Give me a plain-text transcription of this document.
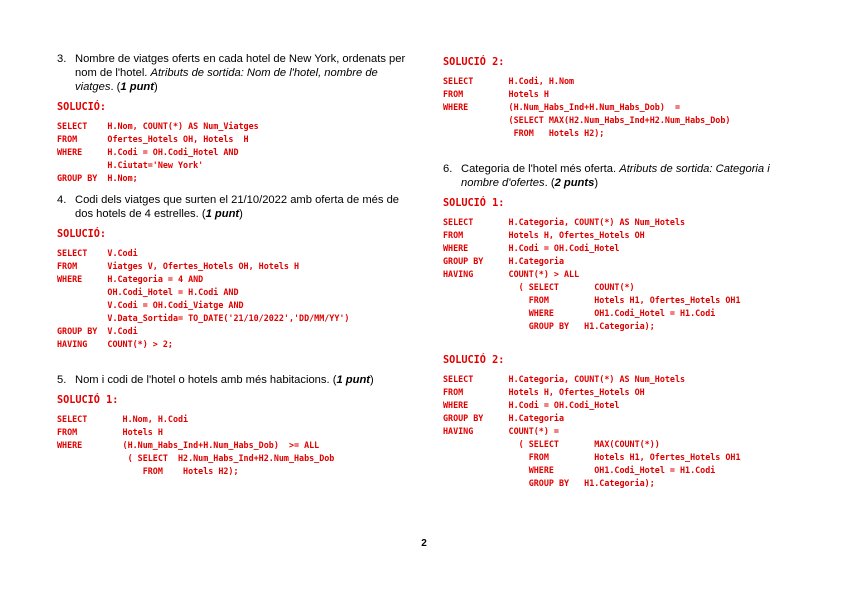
3. Nombre de viatges oferts en cada hotel de New York, ordenats per nom de l'hotel. Atributs de sortida: Nom de l'hotel, nombre de viatges. (1 punt)

SOLUCIÓ:
SELECT    H.Nom, COUNT(*) AS Num_Viatges
FROM      Ofertes_Hotels OH, Hotels  H
WHERE     H.Codi = OH.Codi_Hotel AND
H.Ciutat='New York'
GROUP BY  H.Nom;

4. Codi dels viatges que surten el 21/10/2022 amb oferta de més de dos hotels de 4 estrelles. (1 punt)

SOLUCIÓ:
SELECT    V.Codi
FROM      Viatges V, Ofertes_Hotels OH, Hotels H
WHERE     H.Categoria = 4 AND
OH.Codi_Hotel = H.Codi AND
V.Codi = OH.Codi_Viatge AND
V.Data_Sortida= TO_DATE('21/10/2022','DD/MM/YY')
GROUP BY  V.Codi
HAVING    COUNT(*) > 2;

5. Nom i codi de l'hotel o hotels amb més habitacions. (1 punt)

SOLUCIÓ 1:
SELECT       H.Nom, H.Codi
FROM         Hotels H
WHERE        (H.Num_Habs_Ind+H.Num_Habs_Dob)  >= ALL
( SELECT  H2.Num_Habs_Ind+H2.Num_Habs_Dob
FROM    Hotels H2);
SOLUCIÓ 2:
SELECT       H.Codi, H.Nom
FROM         Hotels H
WHERE        (H.Num_Habs_Ind+H.Num_Habs_Dob)  =
(SELECT MAX(H2.Num_Habs_Ind+H2.Num_Habs_Dob)
FROM   Hotels H2);

6. Categoria de l'hotel més oferta. Atributs de sortida: Categoria i nombre d'ofertes. (2 punts)

SOLUCIÓ 1:
SELECT       H.Categoria, COUNT(*) AS Num_Hotels
FROM         Hotels H, Ofertes_Hotels OH
WHERE        H.Codi = OH.Codi_Hotel
GROUP BY     H.Categoria
HAVING       COUNT(*) > ALL
( SELECT       COUNT(*)
FROM         Hotels H1, Ofertes_Hotels OH1
WHERE        OH1.Codi_Hotel = H1.Codi
GROUP BY   H1.Categoria);
SOLUCIÓ 2:
SELECT       H.Categoria, COUNT(*) AS Num_Hotels
FROM         Hotels H, Ofertes_Hotels OH
WHERE        H.Codi = OH.Codi_Hotel
GROUP BY     H.Categoria
HAVING       COUNT(*) =
( SELECT       MAX(COUNT(*))
FROM         Hotels H1, Ofertes_Hotels OH1
WHERE        OH1.Codi_Hotel = H1.Codi
GROUP BY   H1.Categoria);
2
